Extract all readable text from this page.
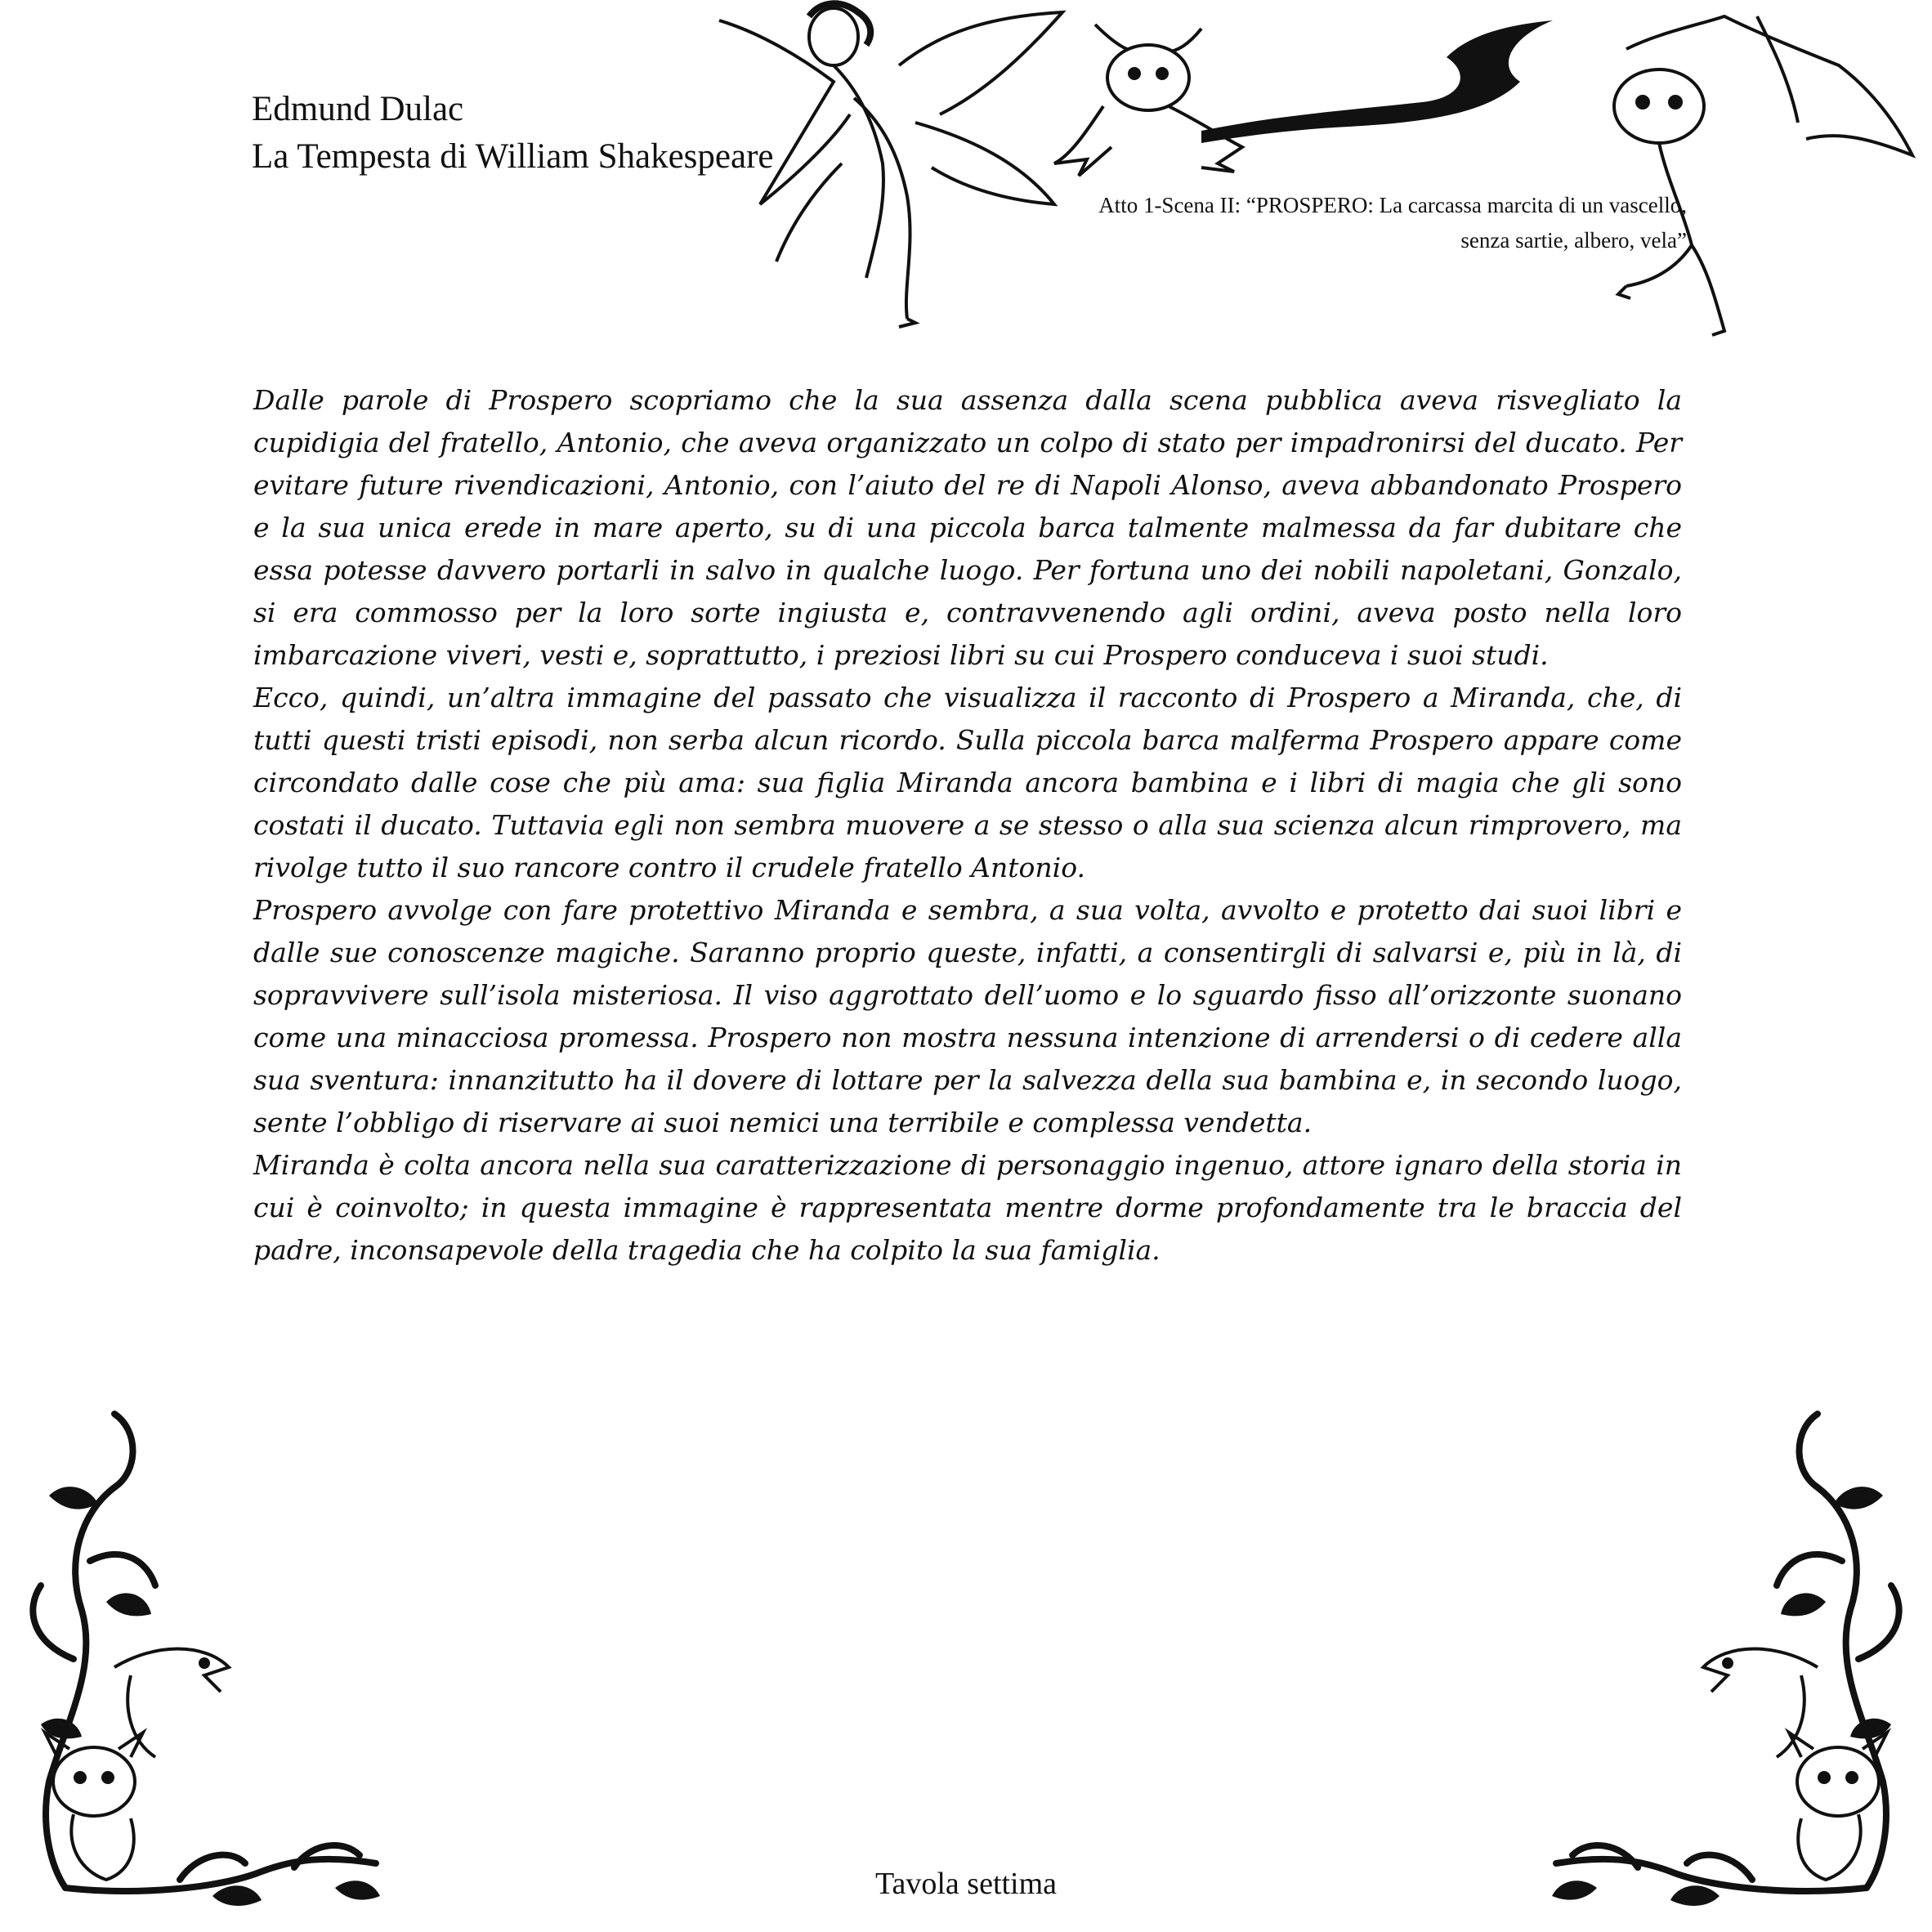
Edmund Dulac
La Tempesta di William Shakespeare
Atto 1-Scena II: “PROSPERO: La carcassa marcita di un vascello,
senza sartie, albero, vela”

Dalle parole di Prospero scopriamo che la sua assenza dalla scena pubblica aveva risvegliato la cupidigia del fratello, Antonio, che aveva organizzato un colpo di stato per impadronirsi del ducato. Per evitare future rivendicazioni, Antonio, con l’aiuto del re di Napoli Alonso, aveva abbandonato Prospero e la sua unica erede in mare aperto, su di una piccola barca talmente malmessa da far dubitare che essa potesse davvero portarli in salvo in qualche luogo. Per fortuna uno dei nobili napoletani, Gonzalo, si era commosso per la loro sorte ingiusta e, contravvenendo agli ordini, aveva posto nella loro imbarcazione viveri, vesti e, soprattutto, i preziosi libri su cui Prospero conduceva i suoi studi.

Ecco, quindi, un’altra immagine del passato che visualizza il racconto di Prospero a Miranda, che, di tutti questi tristi episodi, non serba alcun ricordo. Sulla piccola barca malferma Prospero appare come circondato dalle cose che più ama: sua figlia Miranda ancora bambina e i libri di magia che gli sono costati il ducato. Tuttavia egli non sembra muovere a se stesso o alla sua scienza alcun rimprovero, ma rivolge tutto il suo rancore contro il crudele fratello Antonio.

Prospero avvolge con fare protettivo Miranda e sembra, a sua volta, avvolto e protetto dai suoi libri e dalle sue conoscenze magiche. Saranno proprio queste, infatti, a consentirgli di salvarsi e, più in là, di sopravvivere sull’isola misteriosa. Il viso aggrottato dell’uomo e lo sguardo fisso all’orizzonte suonano come una minacciosa promessa. Prospero non mostra nessuna intenzione di arrendersi o di cedere alla sua sventura: innanzitutto ha il dovere di lottare per la salvezza della sua bambina e, in secondo luogo, sente l’obbligo di riservare ai suoi nemici una terribile e complessa vendetta.

Miranda è colta ancora nella sua caratterizzazione di personaggio ingenuo, attore ignaro della storia in cui è coinvolto; in questa immagine è rappresentata mentre dorme profondamente tra le braccia del padre, inconsapevole della tragedia che ha colpito la sua famiglia.

Tavola settima
